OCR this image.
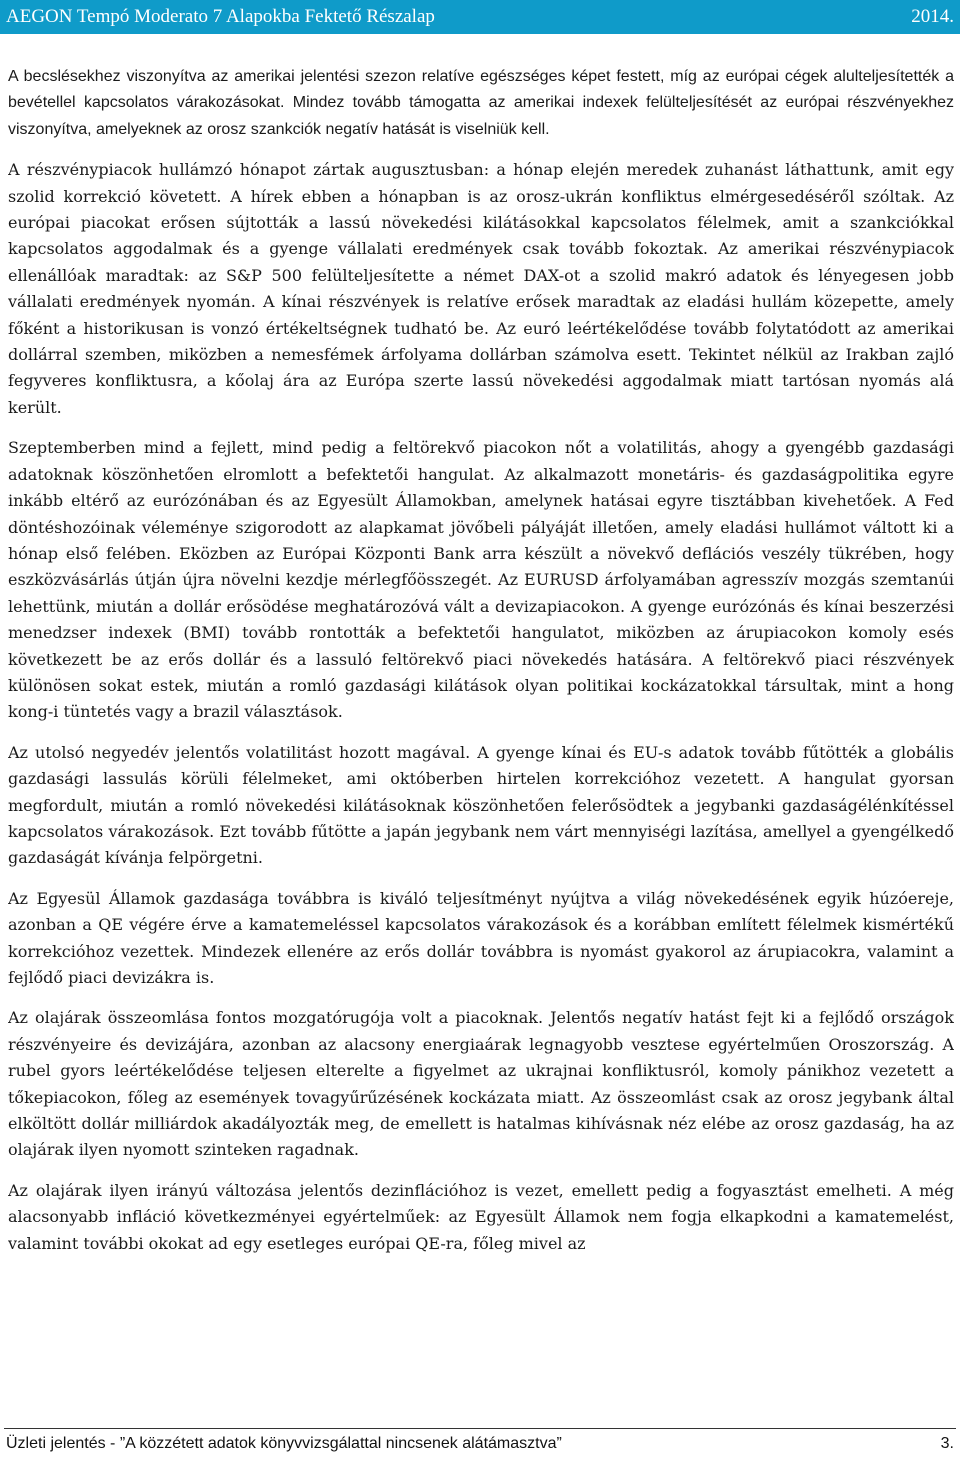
AEGON Tempó Moderato 7 Alapokba Fektető Részalap	2014.

A becslésekhez viszonyítva az amerikai jelentési szezon relatíve egészséges képet festett, míg az európai cégek alulteljesítették a bevétellel kapcsolatos várakozásokat. Mindez tovább támogatta az amerikai indexek felülteljesítését az európai részvényekhez viszonyítva, amelyeknek az orosz szankciók negatív hatását is viselniük kell.

A részvénypiacok hullámzó hónapot zártak augusztusban: a hónap elején meredek zuhanást láthattunk, amit egy szolid korrekció követett. A hírek ebben a hónapban is az orosz-ukrán konfliktus elmérgesedéséről szóltak. Az európai piacokat erősen sújtották a lassú növekedési kilátásokkal kapcsolatos félelmek, amit a szankciókkal kapcsolatos aggodalmak és a gyenge vállalati eredmények csak tovább fokoztak. Az amerikai részvénypiacok ellenállóak maradtak: az S&P 500 felülteljesítette a német DAX-ot a szolid makró adatok és lényegesen jobb vállalati eredmények nyomán. A kínai részvények is relatíve erősek maradtak az eladási hullám közepette, amely főként a historikusan is vonzó értékeltségnek tudható be. Az euró leértékelődése tovább folytatódott az amerikai dollárral szemben, miközben a nemesfémek árfolyama dollárban számolva esett. Tekintet nélkül az Irakban zajló fegyveres konfliktusra, a kőolaj ára az Európa szerte lassú növekedési aggodalmak miatt tartósan nyomás alá került.

Szeptemberben mind a fejlett, mind pedig a feltörekvő piacokon nőt a volatilitás, ahogy a gyengébb gazdasági adatoknak köszönhetően elromlott a befektetői hangulat. Az alkalmazott monetáris- és gazdaságpolitika egyre inkább eltérő az eurózónában és az Egyesült Államokban, amelynek hatásai egyre tisztábban kivehetőek. A Fed döntéshozóinak véleménye szigorodott az alapkamat jövőbeli pályáját illetően, amely eladási hullámot váltott ki a hónap első felében. Eközben az Európai Központi Bank arra készült a növekvő deflációs veszély tükrében, hogy eszközvásárlás útján újra növelni kezdje mérlegfőösszegét. Az EURUSD árfolyamában agresszív mozgás szemtanúi lehettünk, miután a dollár erősödése meghatározóvá vált a devizapiacokon. A gyenge eurózónás és kínai beszerzési menedzser indexek (BMI) tovább rontották a befektetői hangulatot, miközben az árupiacokon komoly esés következett be az erős dollár és a lassuló feltörekvő piaci növekedés hatására. A feltörekvő piaci részvények különösen sokat estek, miután a romló gazdasági kilátások olyan politikai kockázatokkal társultak, mint a hong kong-i tüntetés vagy a brazil választások.

Az utolsó negyedév jelentős volatilitást hozott magával. A gyenge kínai és EU-s adatok tovább fűtötték a globális gazdasági lassulás körüli félelmeket, ami októberben hirtelen korrekcióhoz vezetett. A hangulat gyorsan megfordult, miután a romló növekedési kilátásoknak köszönhetően felerősödtek a jegybanki gazdaságélénkítéssel kapcsolatos várakozások. Ezt tovább fűtötte a japán jegybank nem várt mennyiségi lazítása, amellyel a gyengélkedő gazdaságát kívánja felpörgetni.

Az Egyesül Államok gazdasága továbbra is kiváló teljesítményt nyújtva a világ növekedésének egyik húzóereje, azonban a QE végére érve a kamatemeléssel kapcsolatos várakozások és a korábban említett félelmek kismértékű korrekcióhoz vezettek. Mindezek ellenére az erős dollár továbbra is nyomást gyakorol az árupiacokra, valamint a fejlődő piaci devizákra is.

Az olajárak összeomlása fontos mozgatórugója volt a piacoknak. Jelentős negatív hatást fejt ki a fejlődő országok részvényeire és devizájára, azonban az alacsony energiaárak legnagyobb vesztese egyértelműen Oroszország. A rubel gyors leértékelődése teljesen elterelte a figyelmet az ukrajnai konfliktusról, komoly pánikhoz vezetett a tőkepiacokon, főleg az események tovagyűrűzésének kockázata miatt. Az összeomlást csak az orosz jegybank által elköltött dollár milliárdok akadályozták meg, de emellett is hatalmas kihívásnak néz elébe az orosz gazdaság, ha az olajárak ilyen nyomott szinteken ragadnak.

Az olajárak ilyen irányú változása jelentős dezinflációhoz is vezet, emellett pedig a fogyasztást emelheti. A még alacsonyabb infláció következményei egyértelműek: az Egyesült Államok nem fogja elkapkodni a kamatemelést, valamint további okokat ad egy esetleges európai QE-ra, főleg mivel az

Üzleti jelentés - ”A közzétett adatok könyvvizsgálattal nincsenek alátámasztva”	3.
